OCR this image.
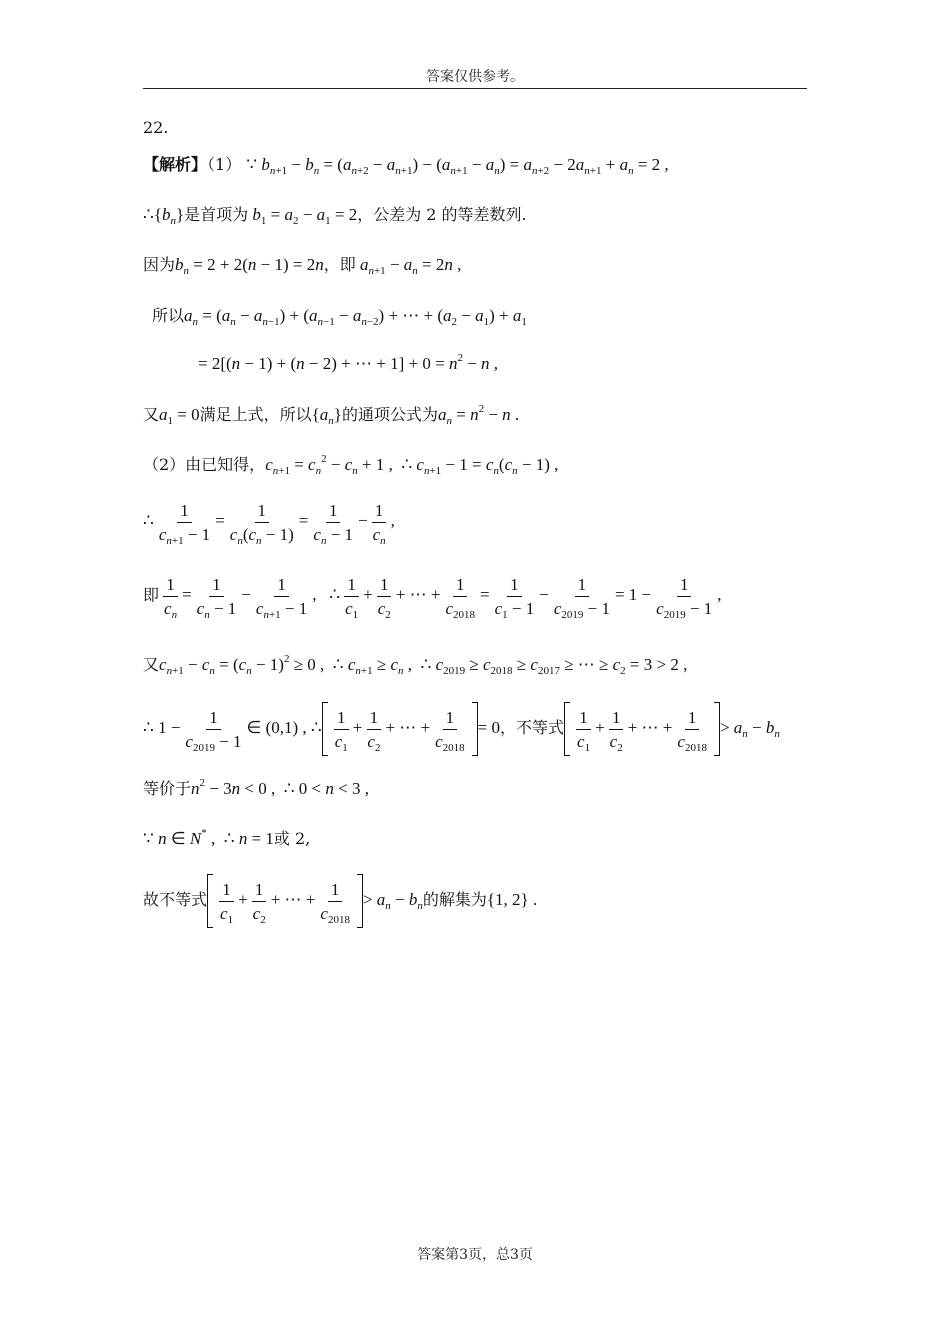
答案仅供参考。
22.
【解析】（1） ∵ $b_{n+1} - b_n = (a_{n+2} - a_{n+1}) - (a_{n+1} - a_n) = a_{n+2} - 2a_{n+1} + a_n = 2$ ,
$\therefore\{b_n\}$是首项为 $b_1 = a_2 - a_1 = 2$，公差为 2 的等差数列.
因为$b_n = 2 + 2(n - 1) = 2n$，即 $a_{n+1} - a_n = 2n$ ,
所以$a_n = (a_n - a_{n-1}) + (a_{n-1} - a_{n-2})$ + ⋯ + $(a_2 - a_1) + a_1$
= 2[(n − 1) + (n − 2) + ⋯ + $1] + 0 = n^2 - n$ ,
又$a_1 = 0$满足上式，所以$\{a_n\}$的通项公式为$a_n = n^2 - n$ .
（2）由已知得，$c_{n+1} = c_n^2 - c_n + 1$ ,  ∴ $c_{n+1} - 1 = c_n(c_n - 1)$ ,
∴ $\frac{1}{c_{n+1} - 1} = \frac{1}{c_n(c_n - 1)} = \frac{1}{c_n - 1} - \frac{1}{c_n}$ ,
即 $\frac{1}{c_n} = \frac{1}{c_n - 1} - \frac{1}{c_{n+1} - 1}$ ,   ∴ $\frac{1}{c_1} + \frac{1}{c_2}$ + ⋯ + $\frac{1}{c_{2018}} = \frac{1}{c_1 - 1} - \frac{1}{c_{2019} - 1} = 1 - \frac{1}{c_{2019} - 1}$ ,
又$c_{n+1} - c_n = (c_n - 1)^2 \ge 0$ ,  ∴ $c_{n+1} \ge c_n$ ,  ∴ $c_{2019} \ge c_{2018} \ge c_{2017}$ ≥ ⋯ ≥ $c_2 = 3 > 2$ ,
∴ $1 - \frac{1}{c_{2019} - 1}$ ∈ (0,1) , ∴ $\frac{1}{c_1} + \frac{1}{c_2}$ + ⋯ + $\frac{1}{c_{2018}} = 0$，不等式 $\frac{1}{c_1} + \frac{1}{c_2}$ + ⋯ + $\frac{1}{c_{2018}} > a_n - b_n$
等价于$n^2 - 3n < 0$ ,  ∴ 0 < n < 3 ,
∵ n ∈ N* ,  ∴ n = 1或 2,
故不等式 $\frac{1}{c_1} + \frac{1}{c_2}$ + ⋯ + $\frac{1}{c_{2018}} > a_n - b_n$的解集为{1, 2} .
答案第3页，总3页
